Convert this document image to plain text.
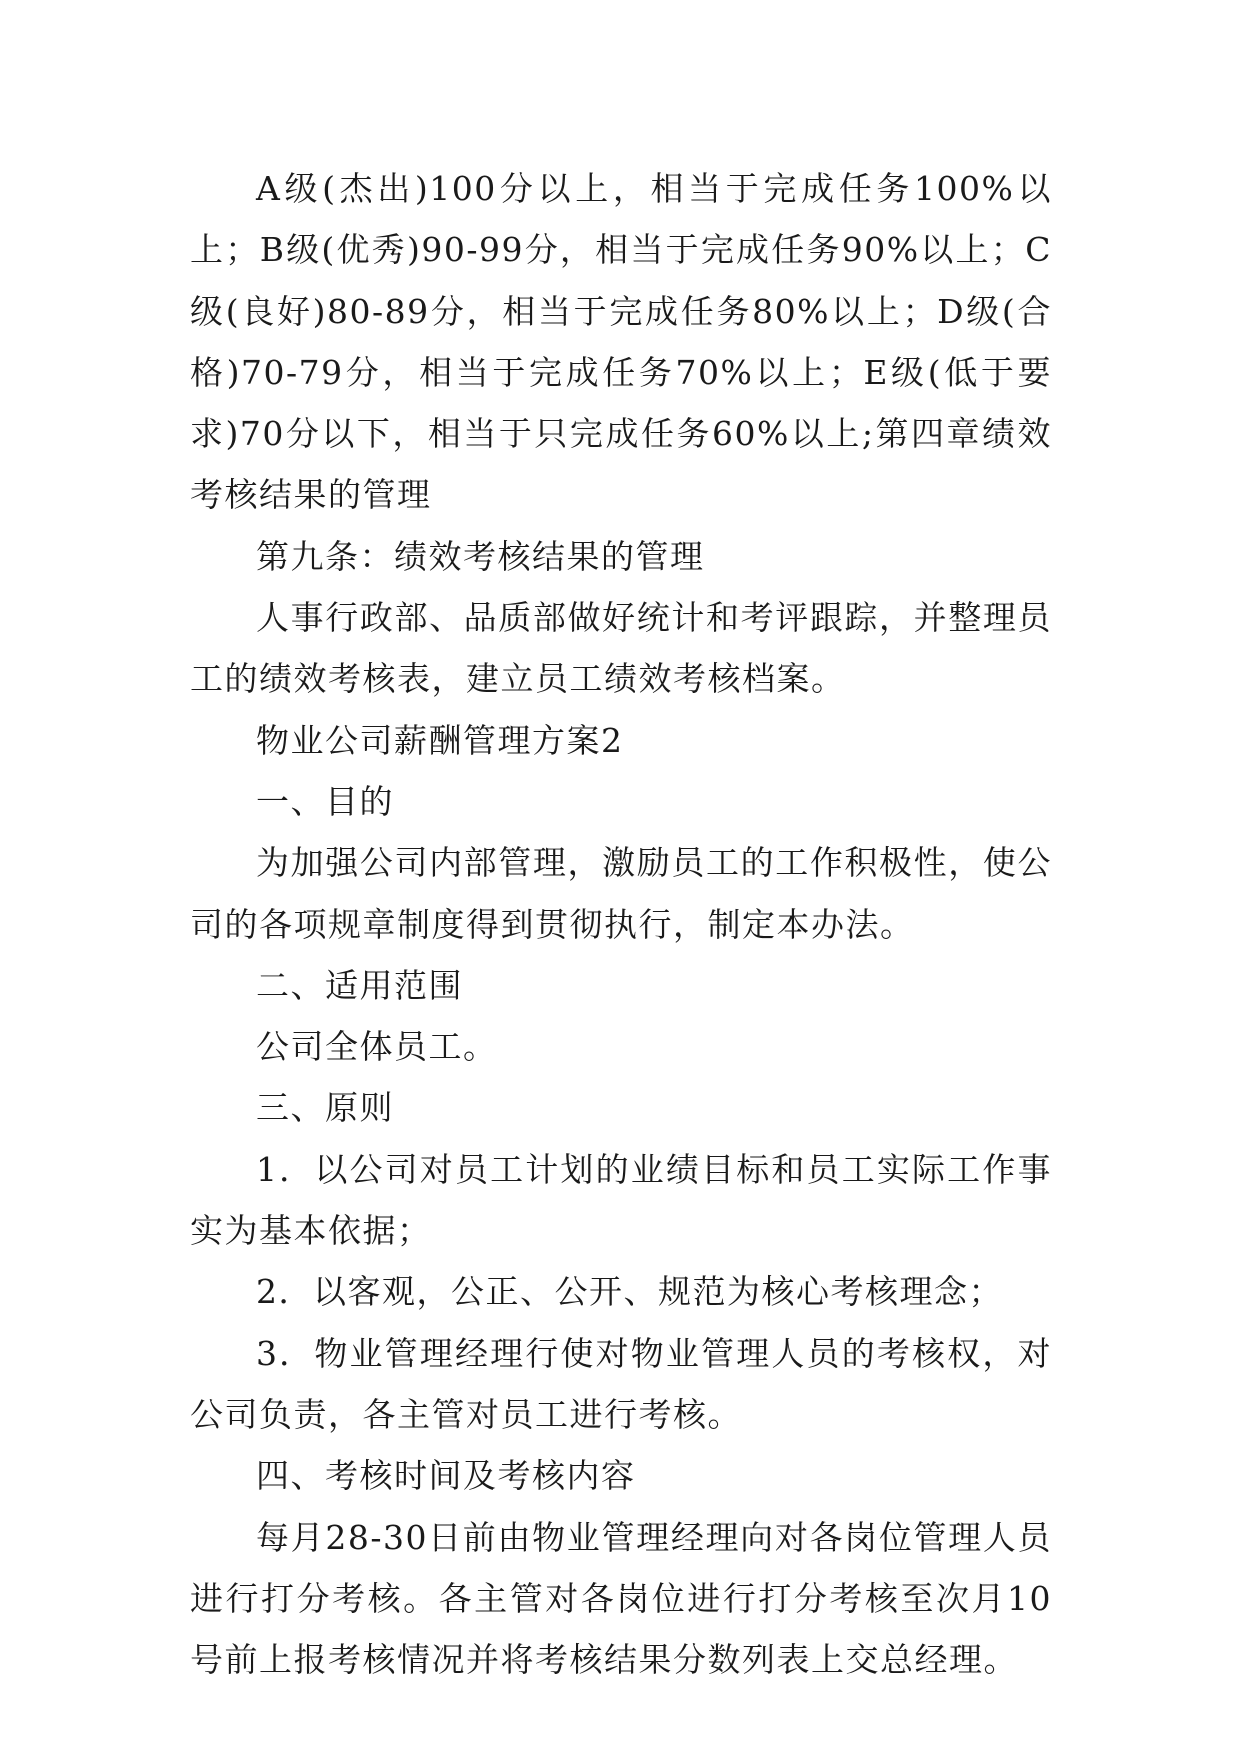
A级(杰出)100分以上，相当于完成任务100%以上；B级(优秀)90-99分，相当于完成任务90%以上；C级(良好)80-89分，相当于完成任务80%以上；D级(合格)70-79分，相当于完成任务70%以上；E级(低于要求)70分以下，相当于只完成任务60%以上;第四章绩效考核结果的管理

第九条：绩效考核结果的管理

人事行政部、品质部做好统计和考评跟踪，并整理员工的绩效考核表，建立员工绩效考核档案。

物业公司薪酬管理方案2

一、目的

为加强公司内部管理，激励员工的工作积极性，使公司的各项规章制度得到贯彻执行，制定本办法。

二、适用范围

公司全体员工。

三、原则

1．以公司对员工计划的业绩目标和员工实际工作事实为基本依据；

2．以客观，公正、公开、规范为核心考核理念；

3．物业管理经理行使对物业管理人员的考核权，对公司负责，各主管对员工进行考核。

四、考核时间及考核内容

每月28-30日前由物业管理经理向对各岗位管理人员进行打分考核。各主管对各岗位进行打分考核至次月10号前上报考核情况并将考核结果分数列表上交总经理。
